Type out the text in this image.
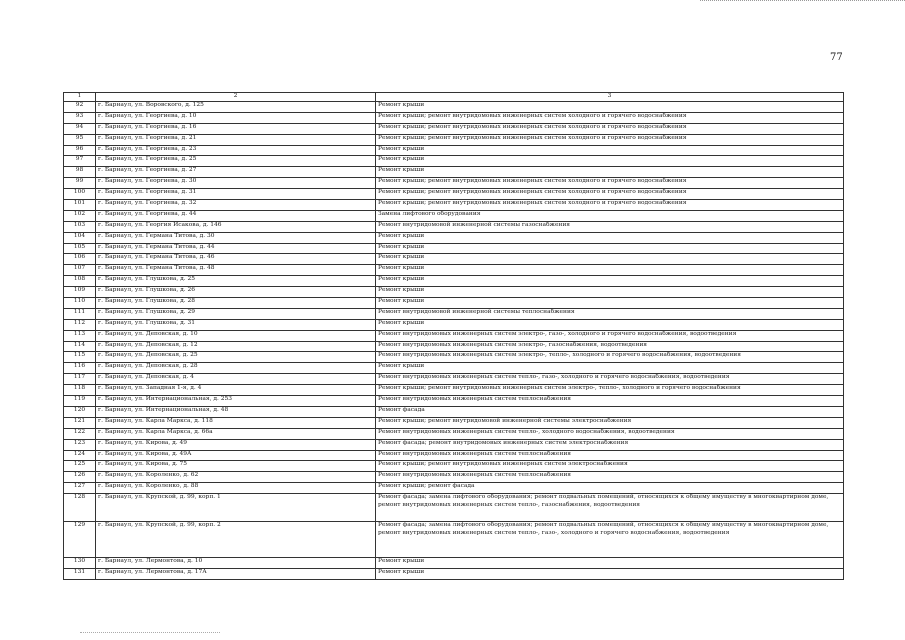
77
1	2	3
92	г. Барнаул, ул. Воровского, д. 125	Ремонт крыши
93	г. Барнаул, ул. Георгиева, д. 10	Ремонт крыши; ремонт внутридомовых инженерных систем холодного и горячего водоснабжения
94	г. Барнаул, ул. Георгиева, д. 16	Ремонт крыши; ремонт внутридомовых инженерных систем холодного и горячего водоснабжения
95	г. Барнаул, ул. Георгиева, д. 21	Ремонт крыши; ремонт внутридомовых инженерных систем холодного и горячего водоснабжения
96	г. Барнаул, ул. Георгиева, д. 23	Ремонт крыши
97	г. Барнаул, ул. Георгиева, д. 25	Ремонт крыши
98	г. Барнаул, ул. Георгиева, д. 27	Ремонт крыши
99	г. Барнаул, ул. Георгиева, д. 30	Ремонт крыши; ремонт внутридомовых инженерных систем холодного и горячего водоснабжения
100	г. Барнаул, ул. Георгиева, д. 31	Ремонт крыши; ремонт внутридомовых инженерных систем холодного и горячего водоснабжения
101	г. Барнаул, ул. Георгиева, д. 32	Ремонт крыши; ремонт внутридомовых инженерных систем холодного и горячего водоснабжения
102	г. Барнаул, ул. Георгиева, д. 44	Замена лифтового оборудования
103	г. Барнаул, ул. Георгия Исакова, д. 146	Ремонт внутридомовой инженерной системы газоснабжения
104	г. Барнаул, ул. Германа Титова, д. 30	Ремонт крыши
105	г. Барнаул, ул. Германа Титова, д. 44	Ремонт крыши
106	г. Барнаул, ул. Германа Титова, д. 46	Ремонт крыши
107	г. Барнаул, ул. Германа Титова, д. 48	Ремонт крыши
108	г. Барнаул, ул. Глушкова, д. 25	Ремонт крыши
109	г. Барнаул, ул. Глушкова, д. 26	Ремонт крыши
110	г. Барнаул, ул. Глушкова, д. 28	Ремонт крыши
111	г. Барнаул, ул. Глушкова, д. 29	Ремонт внутридомовой инженерной системы теплоснабжения
112	г. Барнаул, ул. Глушкова, д. 31	Ремонт крыши
113	г. Барнаул, ул. Деповская, д. 10	Ремонт внутридомовых инженерных систем электро-, газо-, холодного и горячего водоснабжения, водоотведения
114	г. Барнаул, ул. Деповская, д. 12	Ремонт внутридомовых инженерных систем электро-, газоснабжения, водоотведения
115	г. Барнаул, ул. Деповская, д. 25	Ремонт внутридомовых инженерных систем электро-, тепло-, холодного и горячего водоснабжения, водоотведения
116	г. Барнаул, ул. Деповская, д. 28	Ремонт крыши
117	г. Барнаул, ул. Деповская, д. 4	Ремонт внутридомовых инженерных систем тепло-, газо-, холодного и горячего водоснабжения, водоотведения
118	г. Барнаул, ул. Западная 1-я, д. 4	Ремонт крыши; ремонт внутридомовых инженерных систем электро-, тепло-, холодного и горячего водоснабжения
119	г. Барнаул, ул. Интернациональная, д. 253	Ремонт внутридомовых инженерных систем теплоснабжения
120	г. Барнаул, ул. Интернациональная, д. 48	Ремонт фасада
121	г. Барнаул, ул. Карла Маркса, д. 118	Ремонт крыши; ремонт внутридомовой инженерной системы электроснабжения
122	г. Барнаул, ул. Карла Маркса, д. 66а	Ремонт внутридомовых инженерных систем тепло-, холодного водоснабжения, водоотведения
123	г. Барнаул, ул. Кирова, д. 49	Ремонт фасада; ремонт внутридомовых инженерных систем электроснабжения
124	г. Барнаул, ул. Кирова, д. 49А	Ремонт внутридомовых инженерных систем теплоснабжения
125	г. Барнаул, ул. Кирова, д. 75	Ремонт крыши; ремонт внутридомовых инженерных систем электроснабжения
126	г. Барнаул, ул. Короленко, д. 62	Ремонт внутридомовых инженерных систем теплоснабжения
127	г. Барнаул, ул. Короленко, д. 88	Ремонт крыши; ремонт фасада
128	г. Барнаул, ул. Крупской, д. 99, корп. 1	Ремонт фасада; замена лифтового оборудования; ремонт подвальных помещений, относящихся к общему имуществу в многоквартирном доме, ремонт внутридомовых инженерных систем тепло-, газоснабжения, водоотведения
129	г. Барнаул, ул. Крупской, д. 99, корп. 2	Ремонт фасада; замена лифтового оборудования; ремонт подвальных помещений, относящихся к общему имуществу в многоквартирном доме, ремонт внутридомовых инженерных систем тепло-, газо-, холодного и горячего водоснабжения, водоотведения
130	г. Барнаул, ул. Лермонтова, д. 10	Ремонт крыши
131	г. Барнаул, ул. Лермонтова, д. 17А	Ремонт крыши
